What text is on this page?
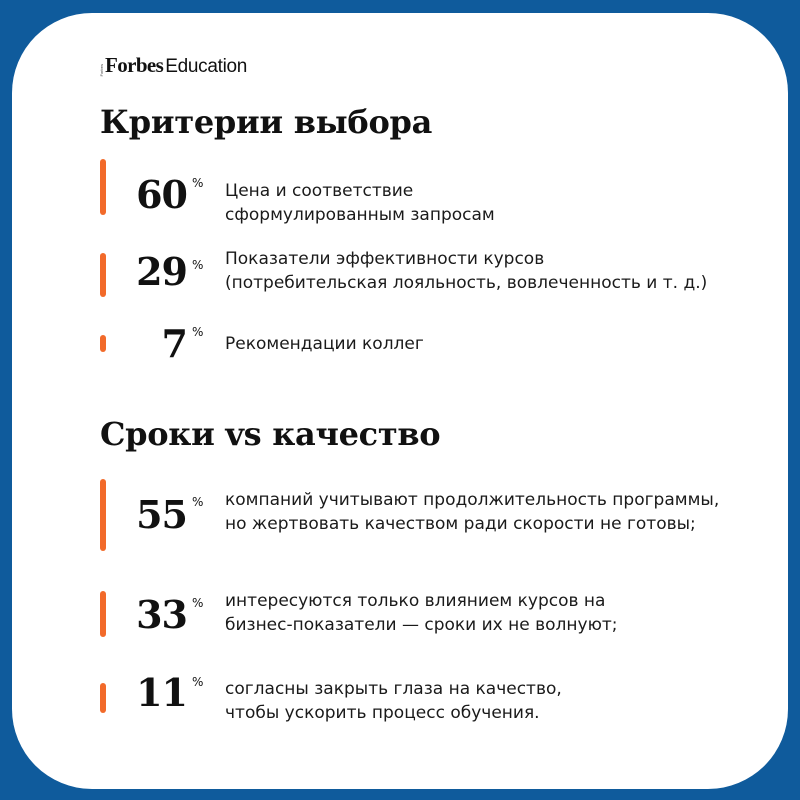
Forbes Forbes Education
Критерии выбора
60 % Цена и соответствие
сформулированным запросам
29 % Показатели эффективности курсов
(потребительская лояльность, вовлеченность и т. д.)
7 %
Рекомендации коллег
Сроки vs качество
55 % компаний учитывают продолжительность программы,
но жертвовать качеством ради скорости не готовы;
33 % интересуются только влиянием курсов на
бизнес-показатели — сроки их не волнуют;
11 % согласны закрыть глаза на качество,
чтобы ускорить процесс обучения.
